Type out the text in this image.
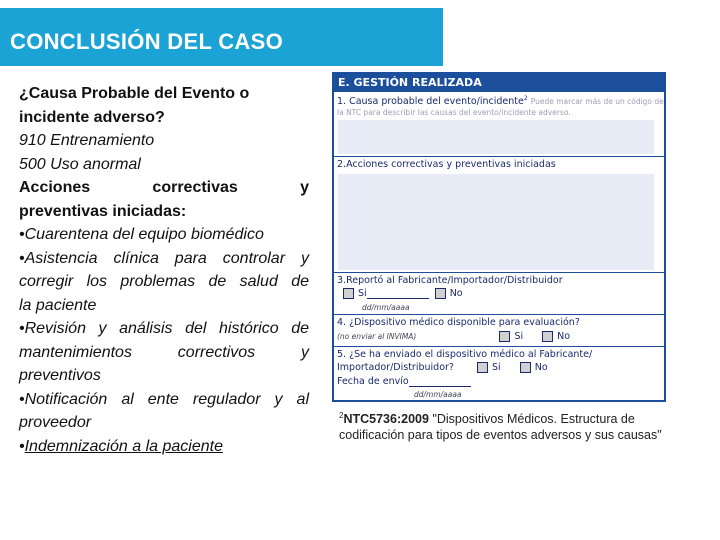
CONCLUSIÓN DEL CASO
¿Causa Probable del Evento o
incidente adverso?
910 Entrenamiento
500 Uso anormal
Acciones correctivas y
preventivas iniciadas:
•Cuarentena del equipo biomédico
•Asistencia clínica para controlar y
corregir los problemas de salud de
la paciente
•Revisión y análisis del histórico de
mantenimientos correctivos y
preventivos
•Notificación al ente regulador y al
proveedor
•Indemnización a la paciente
E. GESTIÓN REALIZADA
1. Causa probable del evento/incidente$^2$ Puede marcar más de un código de la NTC para describir las causas del evento/incidente adverso.
2.Acciones correctivas y preventivas iniciadas
3.Reportó al Fabricante/Importador/Distribuidor
Si	No
dd/mm/aaaa
4. ¿Dispositivo médico disponible para evaluación?
(no enviar al INVIMA)	Si	No
5. ¿Se ha enviado el dispositivo médico al Fabricante/
Importador/Distribuidor?	Si	No
Fecha de envío
dd/mm/aaaa
$^2$NTC5736:2009 "Dispositivos Médicos. Estructura de codificación para tipos de eventos adversos y sus causas"
